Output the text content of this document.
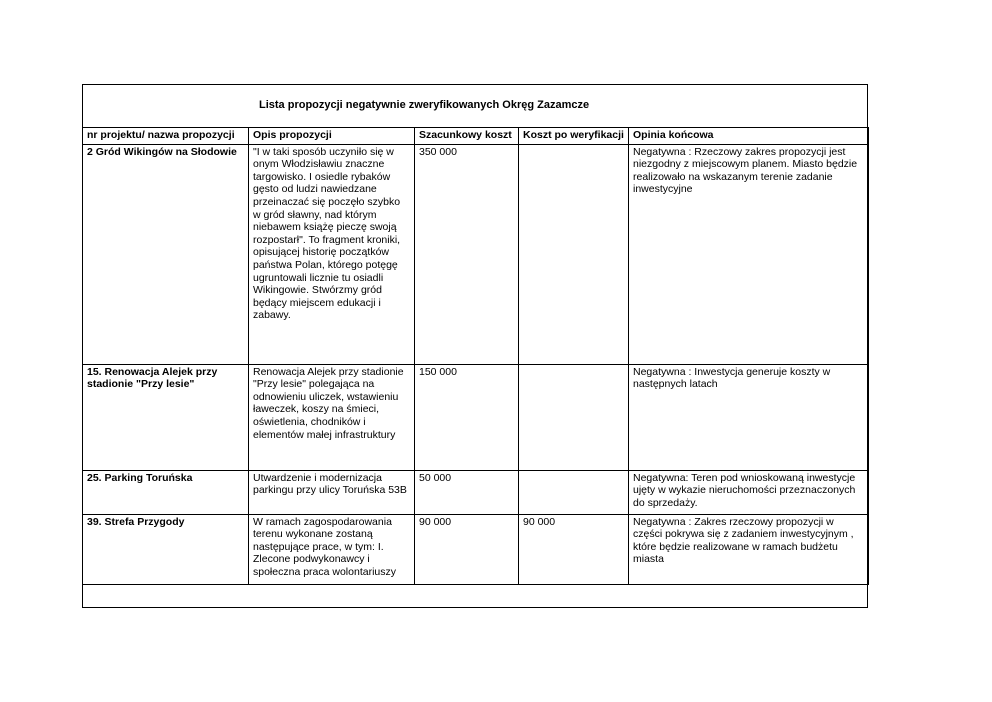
Lista propozycji negatywnie zweryfikowanych Okręg Zazamcze
nr projektu/ nazwa propozycji	Opis propozycji	Szacunkowy koszt	Koszt po weryfikacji	Opinia końcowa
2 Gród Wikingów na Słodowie	"I w taki sposób uczyniło się w onym Włodzisławiu znaczne targowisko. I osiedle rybaków gęsto od ludzi nawiedzane przeinaczać się poczęło szybko w gród sławny, nad którym niebawem książę pieczę swoją rozpostarł". To fragment kroniki, opisującej historię początków państwa Polan, którego potęgę ugruntowali licznie tu osiadli Wikingowie. Stwórzmy gród będący miejscem edukacji i zabawy.	350 000		Negatywna : Rzeczowy zakres propozycji jest niezgodny z miejscowym planem. Miasto będzie realizowało na wskazanym terenie zadanie inwestycyjne
15. Renowacja Alejek przy stadionie "Przy lesie"	Renowacja Alejek przy stadionie "Przy lesie" polegająca na odnowieniu uliczek, wstawieniu ławeczek, koszy na śmieci, oświetlenia, chodników i elementów małej infrastruktury	150 000		Negatywna : Inwestycja generuje koszty w następnych latach
25. Parking Toruńska	Utwardzenie i modernizacja parkingu przy ulicy Toruńska 53B	50 000		Negatywna: Teren pod wnioskowaną inwestycje ujęty w wykazie nieruchomości przeznaczonych do sprzedaży.
39. Strefa Przygody	W ramach zagospodarowania terenu wykonane zostaną następujące prace, w tym: I. Zlecone podwykonawcy i społeczna praca wolontariuszy	90 000	90 000	Negatywna : Zakres rzeczowy propozycji w części pokrywa się z zadaniem inwestycyjnym , które będzie realizowane w ramach budżetu miasta
